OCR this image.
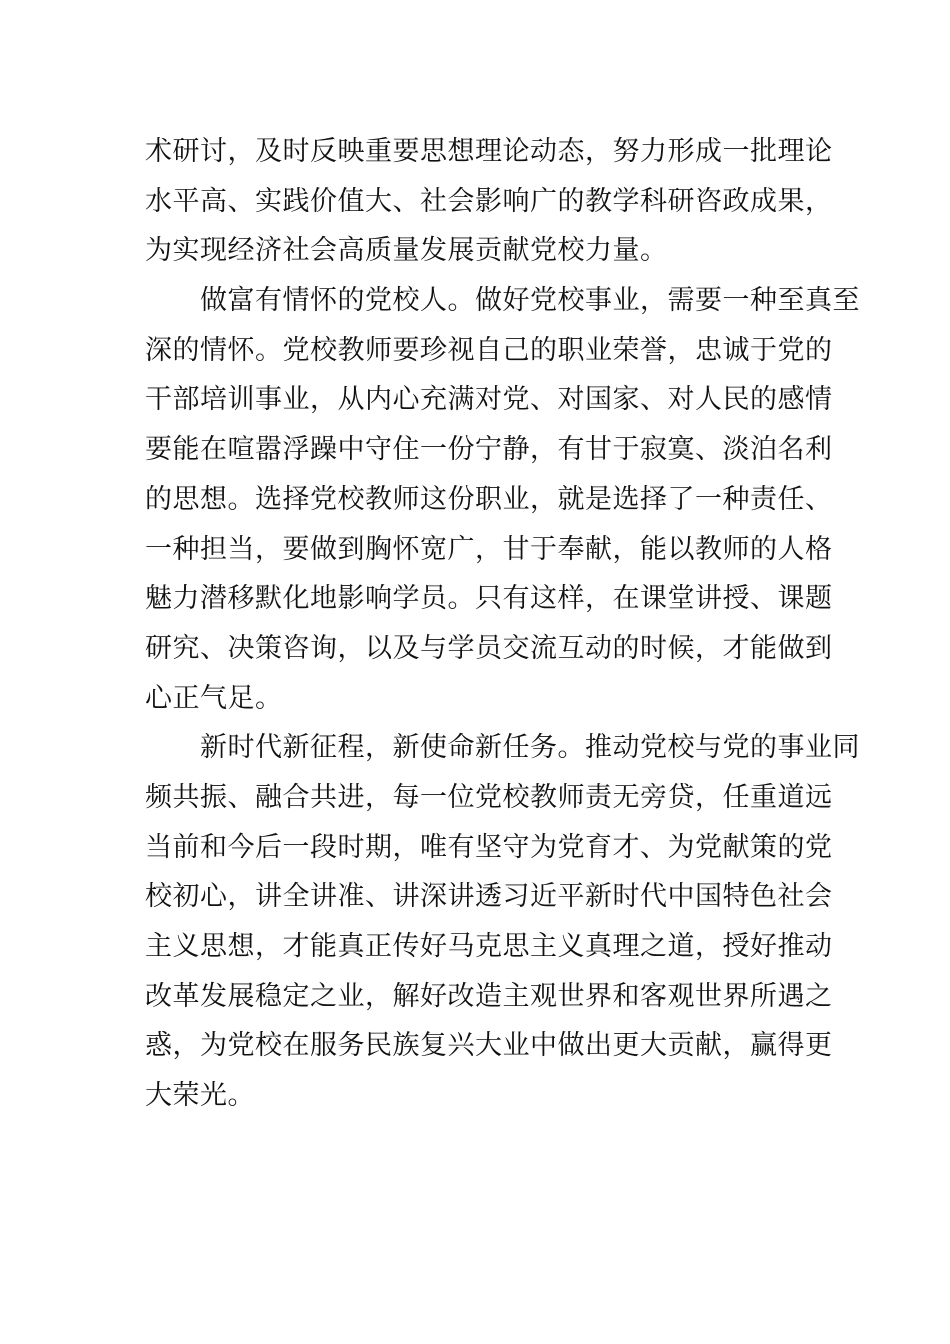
术研讨，及时反映重要思想理论动态，努力形成一批理论
水平高、实践价值大、社会影响广的教学科研咨政成果，
为实现经济社会高质量发展贡献党校力量。
　　做富有情怀的党校人。做好党校事业，需要一种至真至
深的情怀。党校教师要珍视自己的职业荣誉，忠诚于党的
干部培训事业，从内心充满对党、对国家、对人民的感情
要能在喧嚣浮躁中守住一份宁静，有甘于寂寞、淡泊名利
的思想。选择党校教师这份职业，就是选择了一种责任、
一种担当，要做到胸怀宽广，甘于奉献，能以教师的人格
魅力潜移默化地影响学员。只有这样，在课堂讲授、课题
研究、决策咨询，以及与学员交流互动的时候，才能做到
心正气足。
　　新时代新征程，新使命新任务。推动党校与党的事业同
频共振、融合共进，每一位党校教师责无旁贷，任重道远
当前和今后一段时期，唯有坚守为党育才、为党献策的党
校初心，讲全讲准、讲深讲透习近平新时代中国特色社会
主义思想，才能真正传好马克思主义真理之道，授好推动
改革发展稳定之业，解好改造主观世界和客观世界所遇之
惑，为党校在服务民族复兴大业中做出更大贡献，赢得更
大荣光。
